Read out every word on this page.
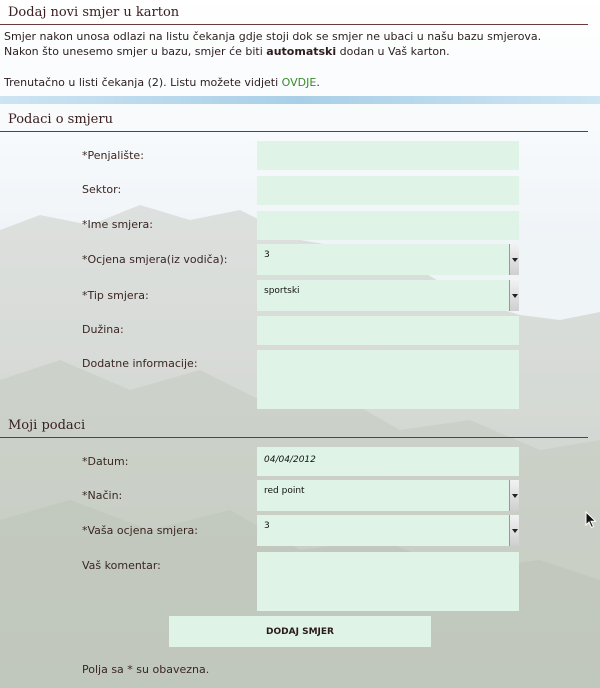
Dodaj novi smjer u karton
Smjer nakon unosa odlazi na listu čekanja gdje stoji dok se smjer ne ubaci u našu bazu smjerova.
Nakon što unesemo smjer u bazu, smjer će biti automatski dodan u Vaš karton.
Trenutačno u listi čekanja (2). Listu možete vidjeti OVDJE.
Podaci o smjeru
*Penjalište:
Sektor:
*Ime smjera:
*Ocjena smjera(iz vodiča):	3
*Tip smjera:	sportski
Dužina:
Dodatne informacije:
Moji podaci
*Datum:	04/04/2012
*Način:	red point
*Vaša ocjena smjera:	3
Vaš komentar:
DODAJ SMJER
Polja sa * su obavezna.
